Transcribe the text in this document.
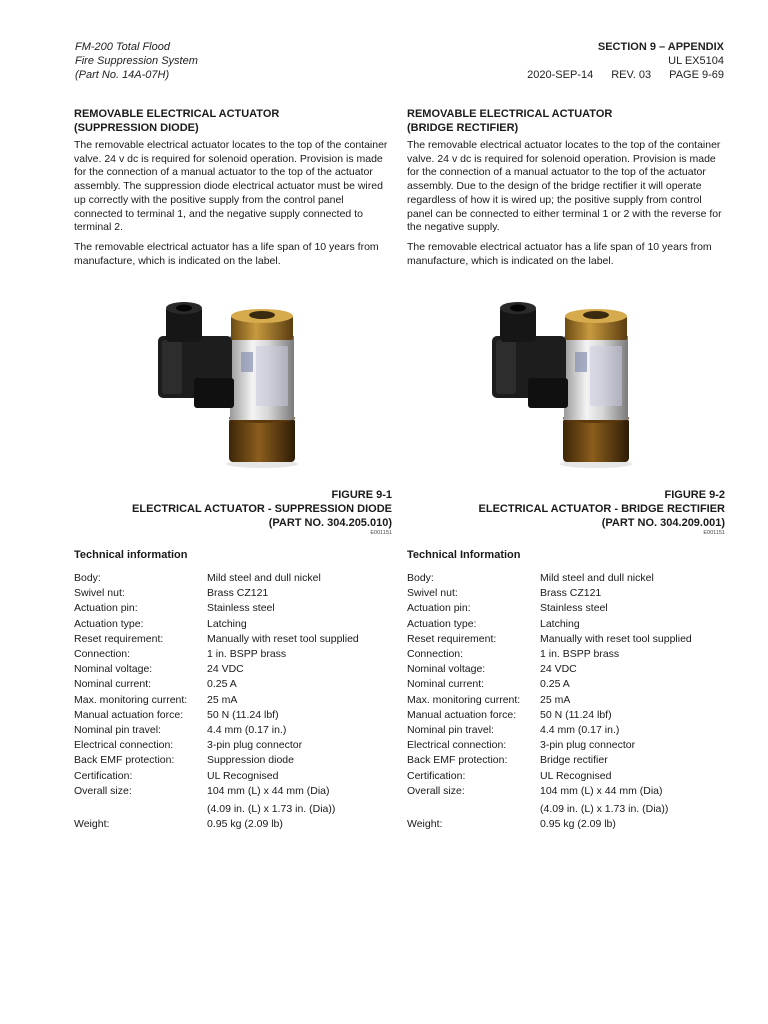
FM-200 Total Flood
Fire Suppression System
(Part No. 14A-07H)
SECTION 9 – APPENDIX
UL EX5104
2020-SEP-14 REV. 03 PAGE 9-69
REMOVABLE ELECTRICAL ACTUATOR
(SUPPRESSION DIODE)

The removable electrical actuator locates to the top of the container valve. 24 v dc is required for solenoid operation. Provision is made for the connection of a manual actuator to the top of the actuator assembly. The suppression diode electrical actuator must be wired up correctly with the positive supply from the control panel connected to terminal 1, and the negative supply connected to terminal 2.

The removable electrical actuator has a life span of 10 years from manufacture, which is indicated on the label.

REMOVABLE ELECTRICAL ACTUATOR
(BRIDGE RECTIFIER)

The removable electrical actuator locates to the top of the container valve. 24 v dc is required for solenoid operation. Provision is made for the connection of a manual actuator to the top of the actuator assembly. Due to the design of the bridge rectifier it will operate regardless of how it is wired up; the positive supply from control panel can be connected to either terminal 1 or 2 with the reverse for the negative supply.

The removable electrical actuator has a life span of 10 years from manufacture, which is indicated on the label.

FIGURE 9-1
ELECTRICAL ACTUATOR - SUPPRESSION DIODE
(PART NO. 304.205.010)
E001151
FIGURE 9-2
ELECTRICAL ACTUATOR - BRIDGE RECTIFIER
(PART NO. 304.209.001)
E001151
Technical information
Body:	Mild steel and dull nickel
Swivel nut:	Brass CZ121
Actuation pin:	Stainless steel
Actuation type:	Latching
Reset requirement:	Manually with reset tool supplied
Connection:	1 in. BSPP brass
Nominal voltage:	24 VDC
Nominal current:	0.25 A
Max. monitoring current:	25 mA
Manual actuation force:	50 N (11.24 lbf)
Nominal pin travel:	4.4 mm (0.17 in.)
Electrical connection:	3-pin plug connector
Back EMF protection:	Suppression diode
Certification:	UL Recognised
Overall size:	104 mm (L) x 44 mm (Dia)
(4.09 in. (L) x 1.73 in. (Dia))
Weight:	0.95 kg (2.09 lb)
Technical Information
Body:	Mild steel and dull nickel
Swivel nut:	Brass CZ121
Actuation pin:	Stainless steel
Actuation type:	Latching
Reset requirement:	Manually with reset tool supplied
Connection:	1 in. BSPP brass
Nominal voltage:	24 VDC
Nominal current:	0.25 A
Max. monitoring current:	25 mA
Manual actuation force:	50 N (11.24 lbf)
Nominal pin travel:	4.4 mm (0.17 in.)
Electrical connection:	3-pin plug connector
Back EMF protection:	Bridge rectifier
Certification:	UL Recognised
Overall size:	104 mm (L) x 44 mm (Dia)
(4.09 in. (L) x 1.73 in. (Dia))
Weight:	0.95 kg (2.09 lb)
